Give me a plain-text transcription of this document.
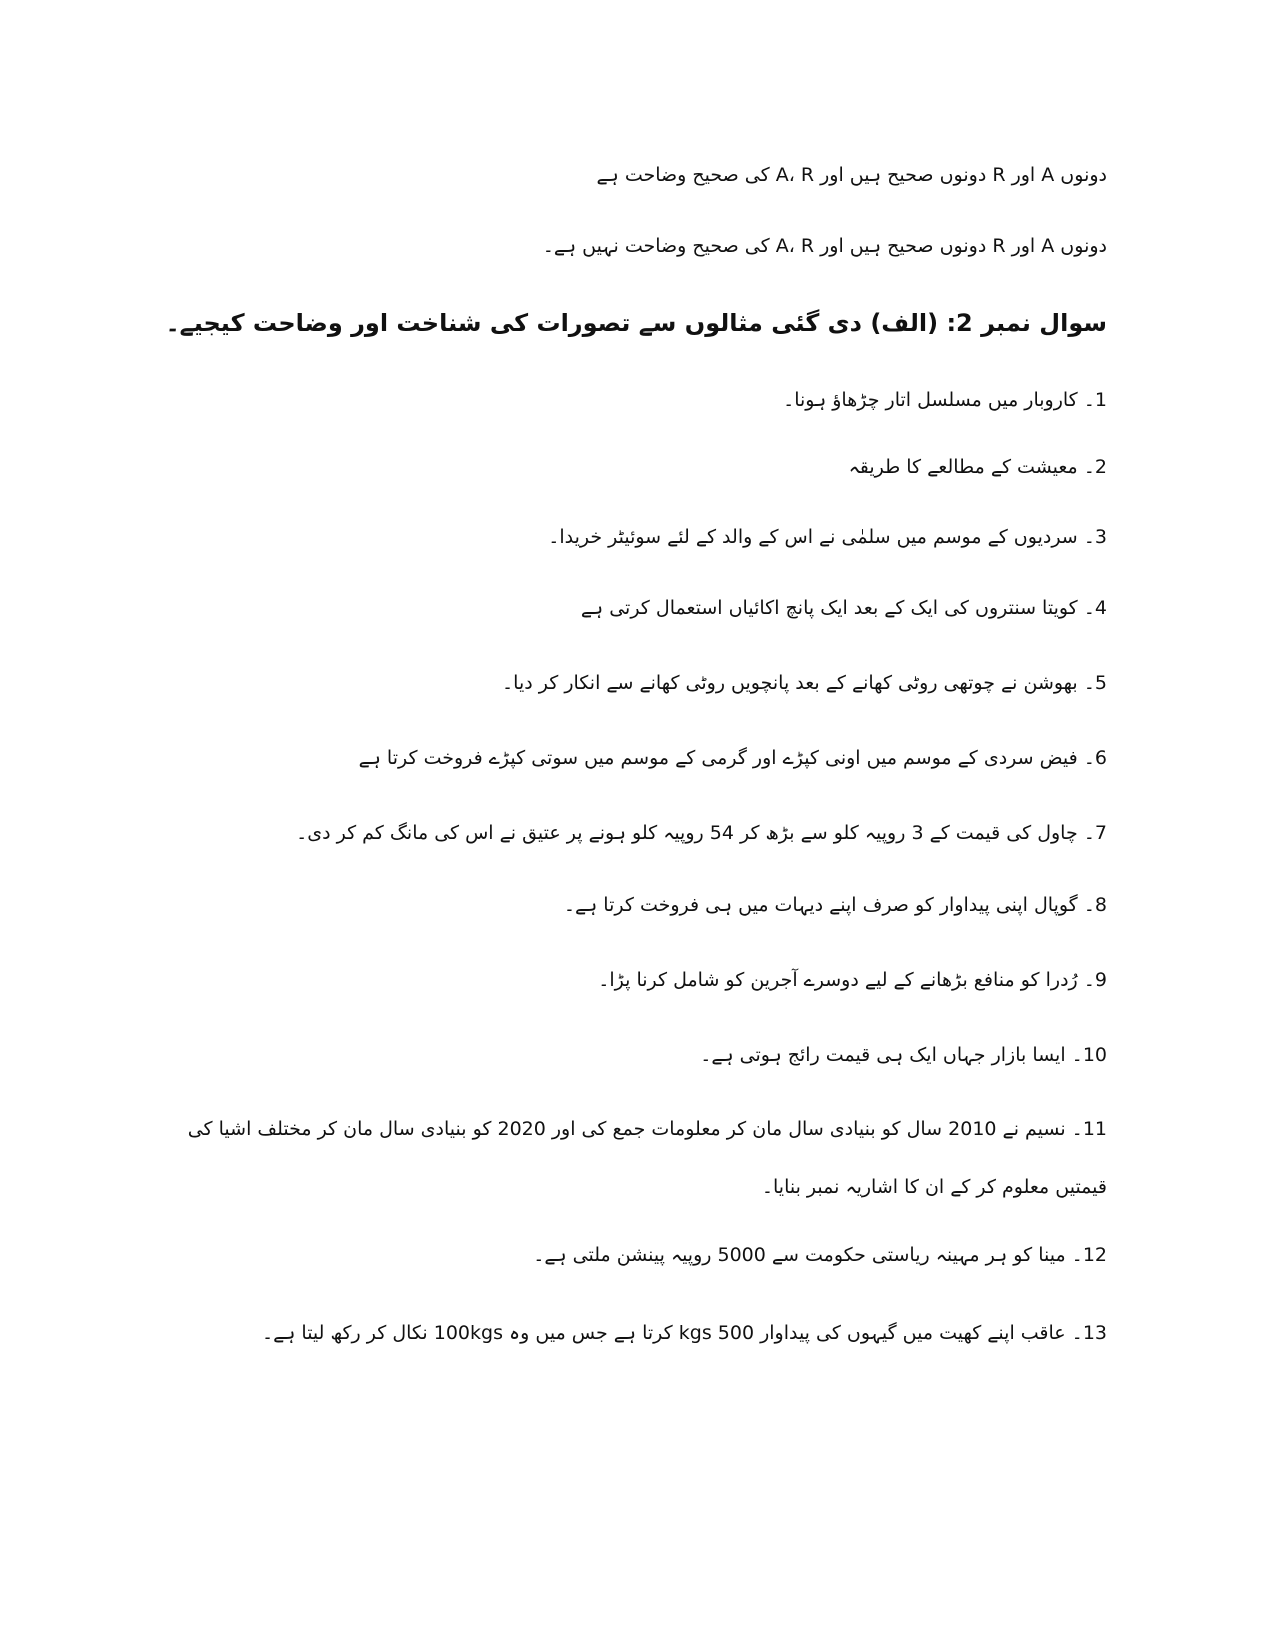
دونوں A اور R دونوں صحیح ہیں اور A، R کی صحیح وضاحت ہے

دونوں A اور R دونوں صحیح ہیں اور A، R کی صحیح وضاحت نہیں ہے۔

سوال نمبر 2: (الف) دی گئی مثالوں سے تصورات کی شناخت اور وضاحت کیجیے۔

1۔ کاروبار میں مسلسل اتار چڑھاؤ ہونا۔

2۔ معیشت کے مطالعے کا طریقہ

3۔ سردیوں کے موسم میں سلمٰی نے اس کے والد کے لئے سوئیٹر خریدا۔

4۔ کویتا سنتروں کی ایک کے بعد ایک پانچ اکائیاں استعمال کرتی ہے

5۔ بھوشن نے چوتھی روٹی کھانے کے بعد پانچویں روٹی کھانے سے انکار کر دیا۔

6۔ فیض سردی کے موسم میں اونی کپڑے اور گرمی کے موسم میں سوتی کپڑے فروخت کرتا ہے

7۔ چاول کی قیمت کے 3 روپیہ کلو سے بڑھ کر 54 روپیہ کلو ہونے پر عتیق نے اس کی مانگ کم کر دی۔

8۔ گوپال اپنی پیداوار کو صرف اپنے دیہات میں ہی فروخت کرتا ہے۔

9۔ رُدرا کو منافع بڑھانے کے لیے دوسرے آجرین کو شامل کرنا پڑا۔

10۔ ایسا بازار جہاں ایک ہی قیمت رائج ہوتی ہے۔

11۔ نسیم نے 2010 سال کو بنیادی سال مان کر معلومات جمع کی اور 2020 کو بنیادی سال مان کر مختلف اشیا کی قیمتیں معلوم کر کے ان کا اشاریہ نمبر بنایا۔

12۔ مینا کو ہر مہینہ ریاستی حکومت سے 5000 روپیہ پینشن ملتی ہے۔

13۔ عاقب اپنے کھیت میں گیہوں کی پیداوار 500 kgs کرتا ہے جس میں وہ 100kgs نکال کر رکھ لیتا ہے۔
